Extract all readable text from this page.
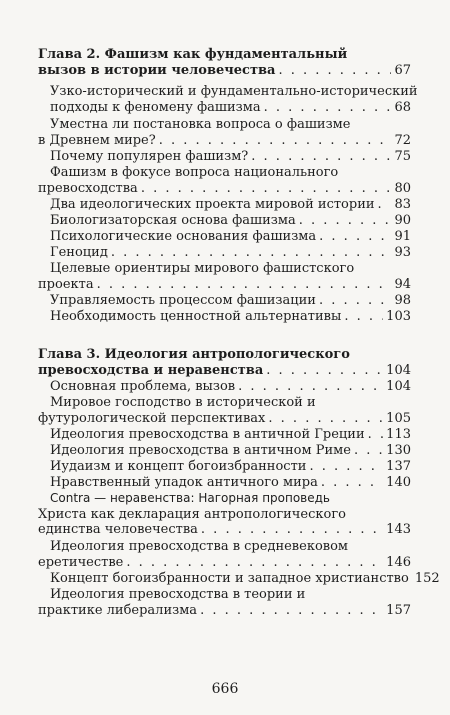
Глава 2. Фашизм как фундаментальный
вызов в истории человечества . . .	67
Узко-исторический и фундаментально-исторический
подходы к феномену фашизма . . .	68
Уместна ли постановка вопроса о фашизме
в Древнем мире? . . .	72
Почему популярен фашизм? . . .	75
Фашизм в фокусе вопроса национального
превосходства . . .	80
Два идеологических проекта мировой истории . . . 83
Биологизаторская основа фашизма . . .	90
Психологические основания фашизма . . .	91
Геноцид . . .	93
Целевые ориентиры мирового фашистского
проекта . . .	94
Управляемость процессом фашизации . . .	98
Необходимость ценностной альтернативы . . .	103
Глава 3. Идеология антропологического
превосходства и неравенства . . .	104
Основная проблема, вызов . . .	104
Мировое господство в исторической и
футурологической перспективах . . .	105
Идеология превосходства в античной Греции . . . 113
Идеология превосходства в античном Риме . . .	130
Иудаизм и концепт богоизбранности . . .	137
Нравственный упадок античного мира . . .	140
Contra — неравенства: Нагорная проповедь
Христа как декларация антропологического
единства человечества . . .	143
Идеология превосходства в средневековом
еретичестве . . .	146
Концепт богоизбранности и западное христианство 152
Идеология превосходства в теории и
практике либерализма . . .	157
666
